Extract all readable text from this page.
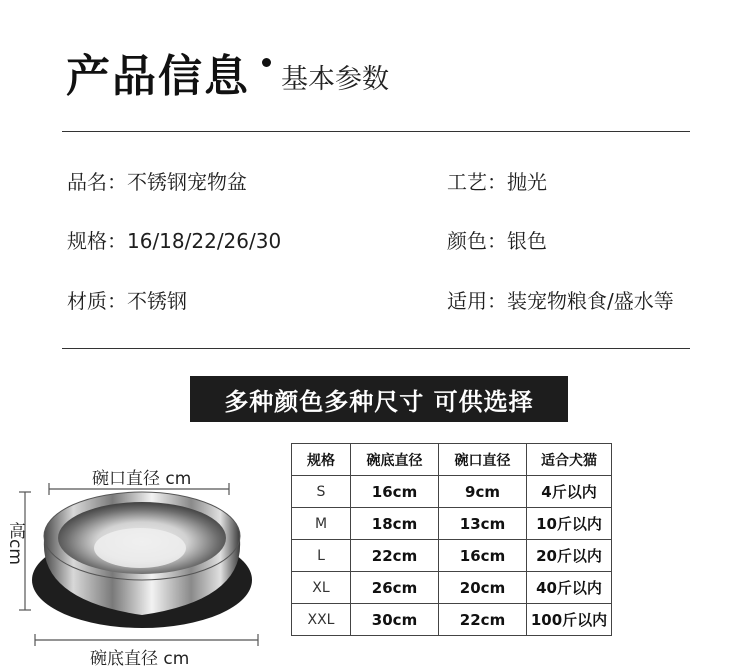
产品信息 基本参数
品名：不锈钢宠物盆	工艺：抛光
规格：16/18/22/26/30	颜色：银色
材质：不锈钢	适用：装宠物粮食/盛水等
多种颜色多种尺寸 可供选择
碗口直径 cm
碗底直径 cm
高cm
规格	碗底直径	碗口直径	适合犬猫
S	16cm	9cm	4斤以内
M	18cm	13cm	10斤以内
L	22cm	16cm	20斤以内
XL	26cm	20cm	40斤以内
XXL	30cm	22cm	100斤以内
